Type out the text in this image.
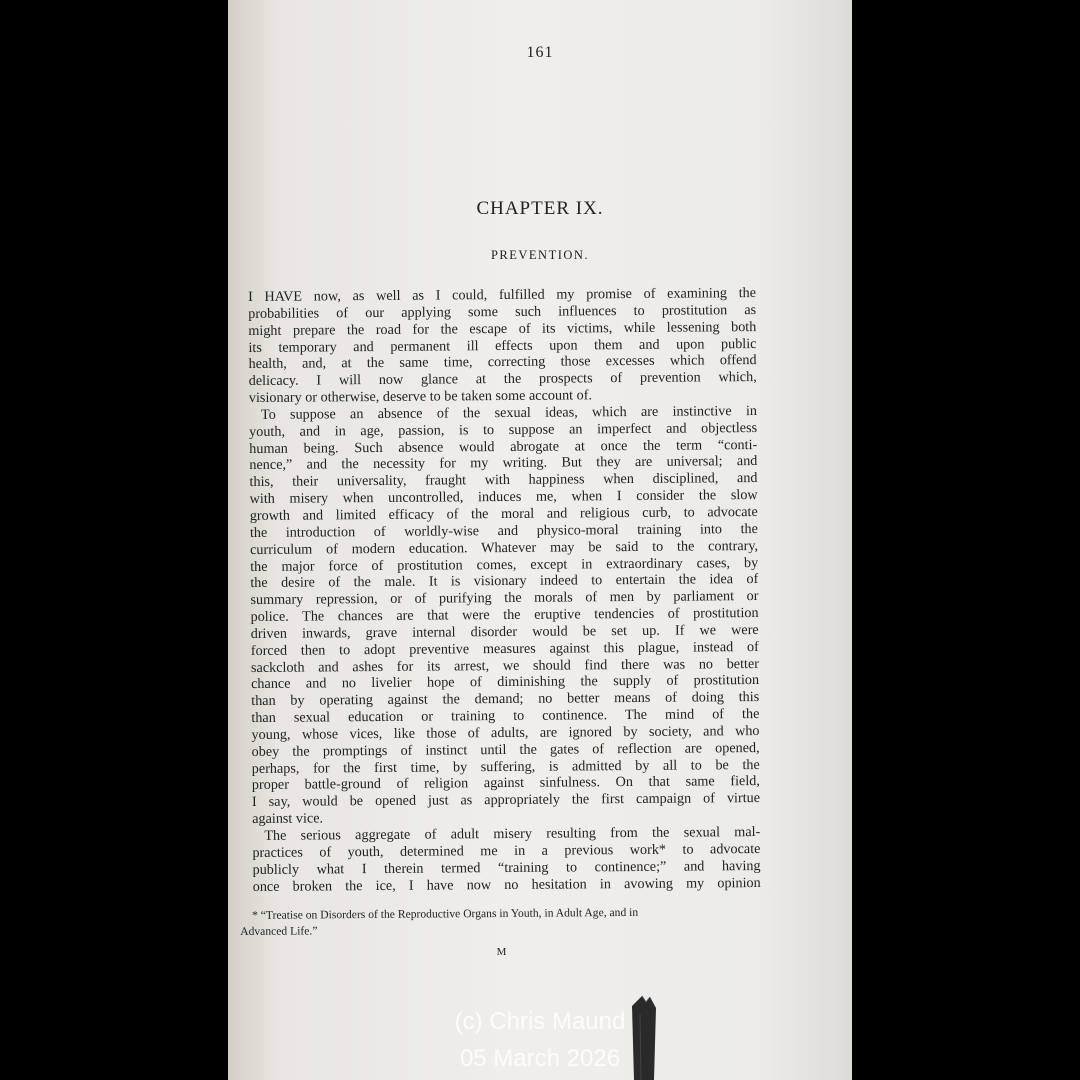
161
CHAPTER IX.
PREVENTION.
I HAVE now, as well as I could, fulfilled my promise of examining the
probabilities of our applying some such influences to prostitution as
might prepare the road for the escape of its victims, while lessening both
its temporary and permanent ill effects upon them and upon public
health, and, at the same time, correcting those excesses which offend
delicacy. I will now glance at the prospects of prevention which,
visionary or otherwise, deserve to be taken some account of.
To suppose an absence of the sexual ideas, which are instinctive in
youth, and in age, passion, is to suppose an imperfect and objectless
human being. Such absence would abrogate at once the term “conti-
nence,” and the necessity for my writing. But they are universal; and
this, their universality, fraught with happiness when disciplined, and
with misery when uncontrolled, induces me, when I consider the slow
growth and limited efficacy of the moral and religious curb, to advocate
the introduction of worldly-wise and physico-moral training into the
curriculum of modern education. Whatever may be said to the contrary,
the major force of prostitution comes, except in extraordinary cases, by
the desire of the male. It is visionary indeed to entertain the idea of
summary repression, or of purifying the morals of men by parliament or
police. The chances are that were the eruptive tendencies of prostitution
driven inwards, grave internal disorder would be set up. If we were
forced then to adopt preventive measures against this plague, instead of
sackcloth and ashes for its arrest, we should find there was no better
chance and no livelier hope of diminishing the supply of prostitution
than by operating against the demand; no better means of doing this
than sexual education or training to continence. The mind of the
young, whose vices, like those of adults, are ignored by society, and who
obey the promptings of instinct until the gates of reflection are opened,
perhaps, for the first time, by suffering, is admitted by all to be the
proper battle-ground of religion against sinfulness. On that same field,
I say, would be opened just as appropriately the first campaign of virtue
against vice.
The serious aggregate of adult misery resulting from the sexual mal-
practices of youth, determined me in a previous work* to advocate
publicly what I therein termed “training to continence;” and having
once broken the ice, I have now no hesitation in avowing my opinion
* “Treatise on Disorders of the Reproductive Organs in Youth, in Adult Age, and in
Advanced Life.”
M
(c) Chris Maund
05 March 2026
